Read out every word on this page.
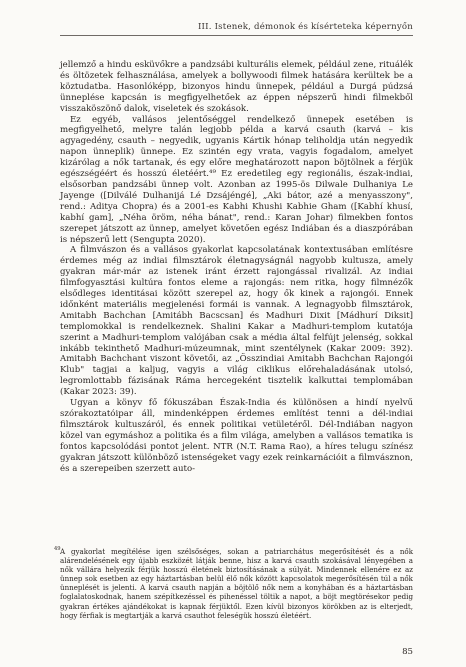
III. Istenek, démonok és kísérteteka képernyőn

jellemző a hindu esküvőkre a pandzsábi kulturális elemek, például zene, rituálék és öltözetek felhasználása, amelyek a bollywoodi filmek hatására kerültek be a köztudatba. Hasonlóképp, bizonyos hindu ünnepek, például a Durgá púdzsá ünneplése kapcsán is megfigyelhetőek az éppen népszerű hindi filmekből visszaköszönő dalok, viseletek és szokások.

Ez egyéb, vallásos jelentőséggel rendelkező ünnepek esetében is megfigyelhető, melyre talán legjobb példa a karvá csauth (karvá – kis agyagedény, csauth – negyedik, ugyanis Kártik hónap teliholdja után negyedik napon ünneplik) ünnepe. Ez szintén egy vrata, vagyis fogadalom, amelyet kizárólag a nők tartanak, és egy előre meghatározott napon böjtölnek a férjük egészségéért és hosszú életéért.⁴⁹ Ez eredetileg egy regionális, észak-indiai, elsősorban pandzsábi ünnep volt. Azonban az 1995-ös Dilwale Dulhaniya Le Jayenge ([Dilválé Dulhanijá Lé Dzsájéngé], „Aki bátor, azé a menyasszony", rend.: Aditya Chopra) és a 2001-es Kabhi Khushi Kabhie Gham ([Kabhí khusí, kabhí gam], „Néha öröm, néha bánat", rend.: Karan Johar) filmekben fontos szerepet játszott az ünnep, amelyet követően egész Indiában és a diaszpórában is népszerű lett (Sengupta 2020).

A filmvászon és a vallásos gyakorlat kapcsolatának kontextusában említésre érdemes még az indiai filmsztárok életnagyságnál nagyobb kultusza, amely gyakran már-már az istenek iránt érzett rajongással rivalizál. Az indiai filmfogyasztási kultúra fontos eleme a rajongás: nem ritka, hogy filmnézők elsődleges identitásai között szerepel az, hogy ők kinek a rajongói. Ennek időnként materiális megjelenési formái is vannak. A legnagyobb filmsztárok, Amitabh Bachchan [Amitábh Bacscsan] és Madhuri Dixit [Mádhurí Diksit] templomokkal is rendelkeznek. Shalini Kakar a Madhuri-templom kutatója szerint a Madhuri-templom valójában csak a média által felfújt jelenség, sokkal inkább tekinthető Madhuri-múzeumnak, mint szentélynek (Kakar 2009: 392). Amitabh Bachchant viszont követői, az „Összindiai Amitabh Bachchan Rajongói Klub" tagjai a kaljug, vagyis a világ ciklikus előrehaladásának utolsó, legromlottabb fázisának Ráma hercegeként tisztelik kalkuttai templomában (Kakar 2023: 39).

Ugyan a könyv fő fókuszában Észak-India és különösen a hindí nyelvű szórakoztatóipar áll, mindenképpen érdemes említést tenni a dél-indiai filmsztárok kultuszáról, és ennek politikai vetületéről. Dél-Indiában nagyon közel van egymáshoz a politika és a film világa, amelyben a vallásos tematika is fontos kapcsolódási pontot jelent. NTR (N.T. Rama Rao), a híres telugu színész gyakran játszott különböző istenségeket vagy ezek reinkarnációit a filmvásznon, és a szerepeiben szerzett auto-

49 A gyakorlat megítélése igen szélsőséges, sokan a patriarchátus megerősítését és a nők alárendelésének egy újabb eszközét látják benne, hisz a karvá csauth szokásával lényegében a nők vállára helyezik férjük hosszú életének biztosításának a súlyát. Mindennek ellenére ez az ünnep sok esetben az egy háztartásban belül élő nők között kapcsolatok megerősítésén túl a nők ünneplését is jelenti. A karvá csauth napján a böjtölő nők nem a konyhában és a háztartásban foglalatoskodnak, hanem szépítkezéssel és pihenéssel töltik a napot, a böjt megtörésekor pedig gyakran értékes ajándékokat is kapnak férjüktől. Ezen kívül bizonyos körökben az is elterjedt, hogy férfiak is megtartják a karvá csauthot feleségük hosszú életéért.
85
